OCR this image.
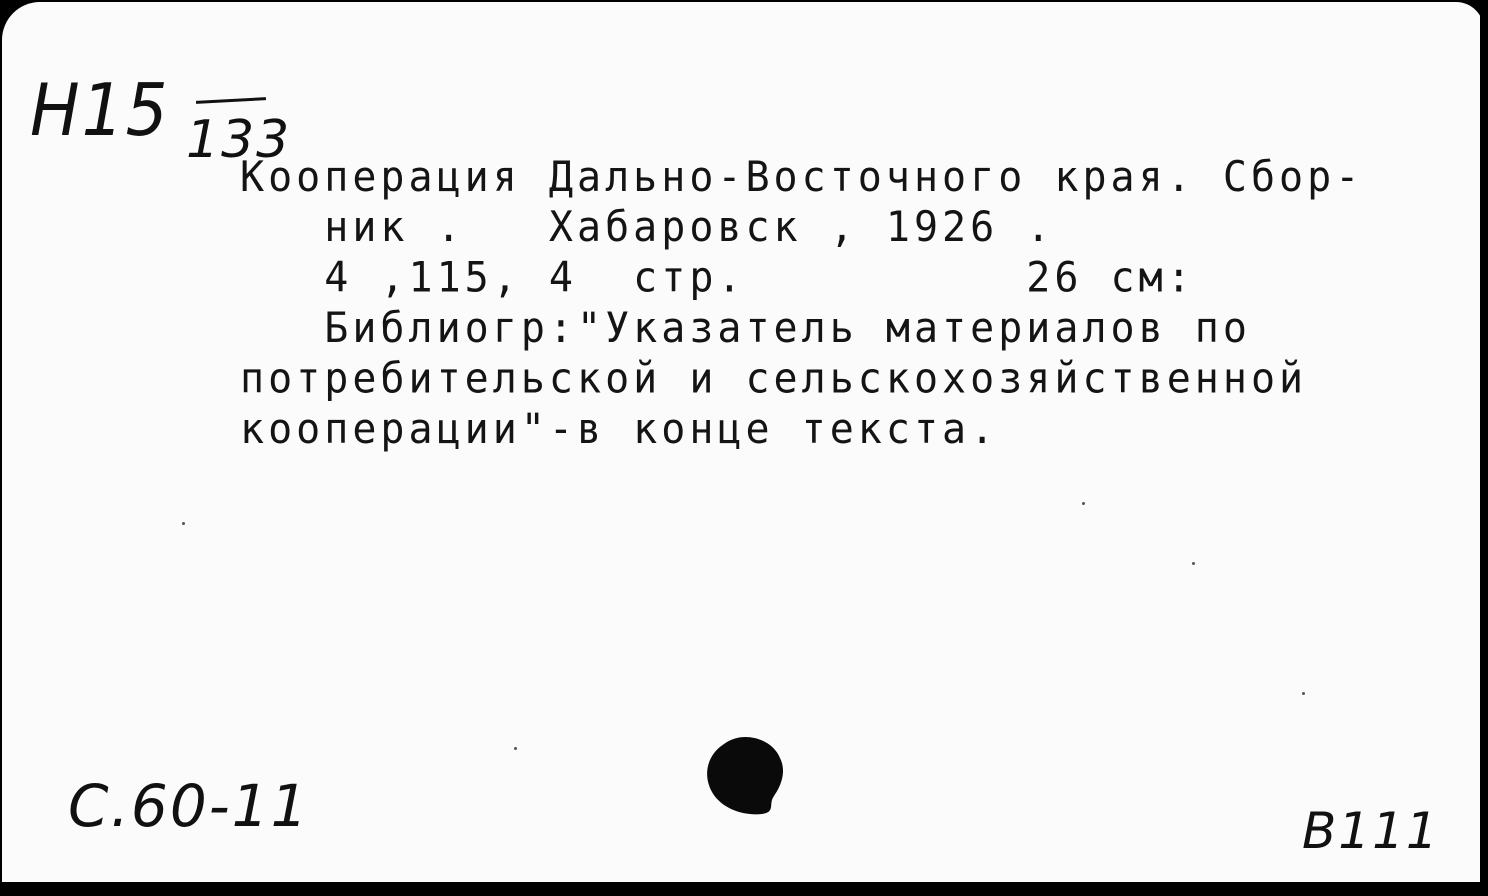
H15 133
Кооперация Дально-Восточного края. Сбор-
ник .   Хабаровск , 1926 .
4 ,115, 4  стр.          26 см:
Библиогр:"Указатель материалов по
потребительской и сельскохозяйственной
кооперации"-в конце текста.
С.60-11	В111
